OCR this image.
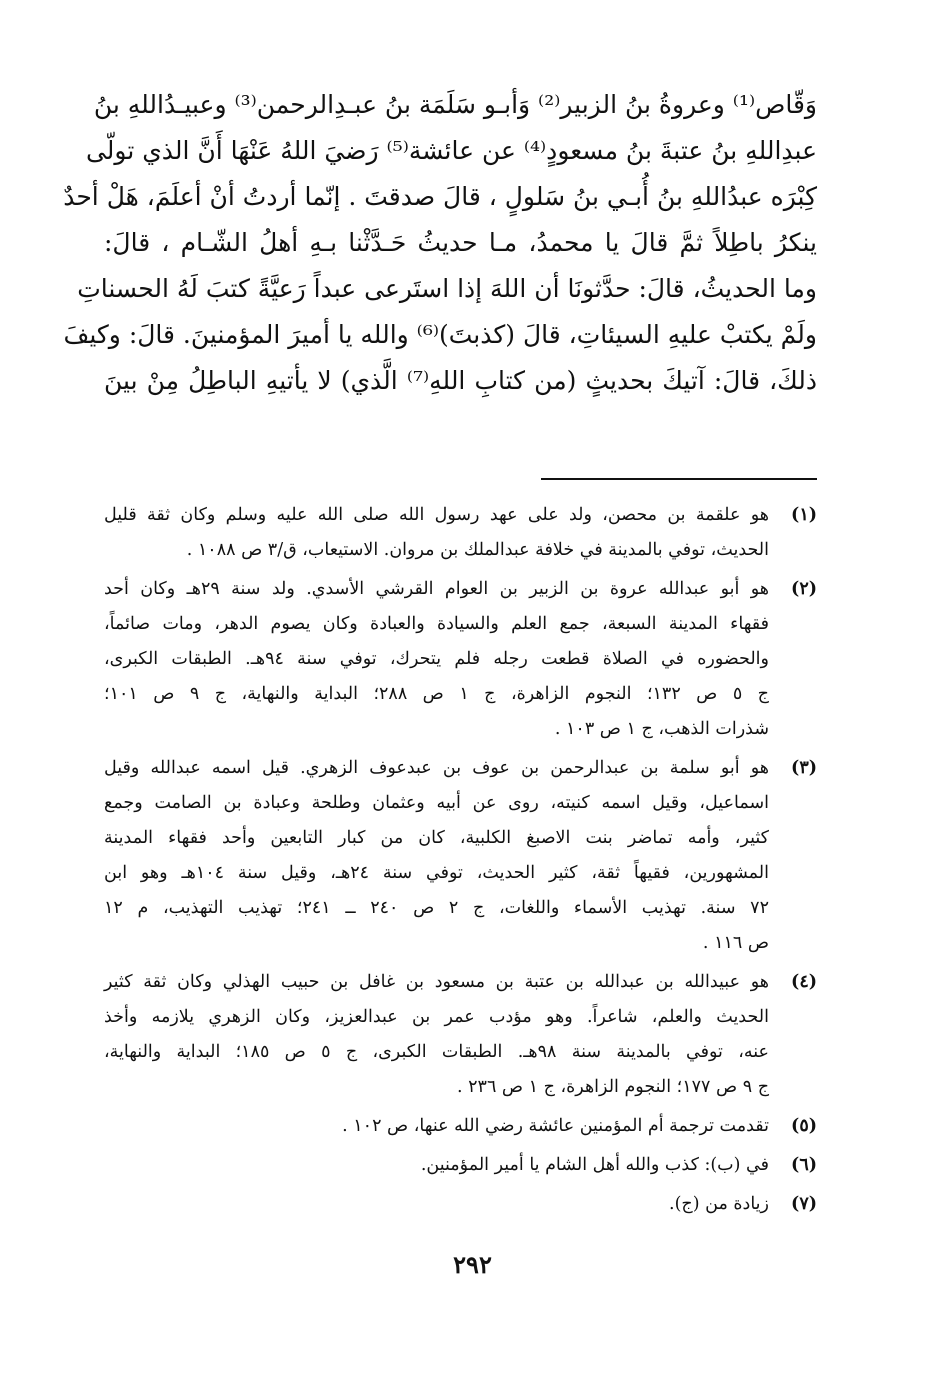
وَقّاص⁽¹⁾ وعروةُ بنُ الزبير⁽²⁾ وَأبـو سَلَمَة بنُ عبـدِالرحمن⁽³⁾ وعبيـدُاللهِ بنُ
عبدِاللهِ بنُ عتبةَ بنُ مسعودٍ⁽⁴⁾ عن عائشة⁽⁵⁾ رَضيَ اللهُ عَنْهَا أَنَّ الذي تولّى
كِبْرَه عبدُاللهِ بنُ أُبـي بنُ سَلولٍ ، قالَ صدقتَ . إنّما أردتُ أنْ أعلَمَ، هَلْ أحدٌ
ينكرُ باطِلاً ثمَّ قالَ يا محمدُ، مـا حديثُ حَـدَّثْنا بـهِ أهلُ الشّـام ، قالَ:
وما الحديثُ، قالَ: حدَّثونَا أن اللهَ إذا استَرعى عبداً رَعيَّةً كتبَ لَهُ الحسناتِ
ولَمْ يكتبْ عليهِ السيئاتِ، قالَ (كذبتَ)⁽⁶⁾ والله يا أميرَ المؤمنينَ. قالَ: وكيفَ
ذلكَ، قالَ: آتيكَ بحديثٍ (من كتابِ اللهِ⁽⁷⁾ الَّذي) لا يأتيهِ الباطِلُ مِنْ بينَ
(١)
هو علقمة بن محصن، ولد على عهد رسول الله صلى الله عليه وسلم وكان ثقة قليل
الحديث، توفي بالمدينة في خلافة عبدالملك بن مروان. الاستيعاب، ق/٣ ص ١٠٨٨ .
(٢)
هو أبو عبدالله عروة بن الزبير بن العوام القرشي الأسدي. ولد سنة ٢٩هـ وكان أحد
فقهاء المدينة السبعة، جمع العلم والسيادة والعبادة وكان يصوم الدهر، ومات صائماً،
والحضوره في الصلاة قطعت رجله فلم يتحرك، توفي سنة ٩٤هـ. الطبقات الكبرى،
ج ٥ ص ١٣٢؛ النجوم الزاهرة، ج ١ ص ٢٨٨؛ البداية والنهاية، ج ٩ ص ١٠١؛
شذرات الذهب، ج ١ ص ١٠٣ .
(٣)
هو أبو سلمة بن عبدالرحمن بن عوف بن عبدعوف الزهري. قيل اسمه عبدالله وقيل
اسماعيل، وقيل اسمه كنيته، روى عن أبيه وعثمان وطلحة وعبادة بن الصامت وجمع
كثير، وأمه تماضر بنت الاصبغ الكلبية، كان من كبار التابعين وأحد فقهاء المدينة
المشهورين، فقيهاً ثقة، كثير الحديث، توفي سنة ٢٤هـ، وقيل سنة ١٠٤هـ وهو ابن
٧٢ سنة. تهذيب الأسماء واللغات، ج ٢ ص ٢٤٠ ــ ٢٤١؛ تهذيب التهذيب، م ١٢
ص ١١٦ .
(٤)
هو عبيدالله بن عبدالله بن عتبة بن مسعود بن غافل بن حبيب الهذلي وكان ثقة كثير
الحديث والعلم، شاعراً. وهو مؤدب عمر بن عبدالعزيز، وكان الزهري يلازمه وأخذ
عنه، توفي بالمدينة سنة ٩٨هـ. الطبقات الكبرى، ج ٥ ص ١٨٥؛ البداية والنهاية،
ج ٩ ص ١٧٧؛ النجوم الزاهرة، ج ١ ص ٢٣٦ .
(٥)
تقدمت ترجمة أم المؤمنين عائشة رضي الله عنها، ص ١٠٢ .
(٦)
في (ب): كذب والله أهل الشام يا أمير المؤمنين.
(٧)
زيادة من (ج).
٢٩٢
